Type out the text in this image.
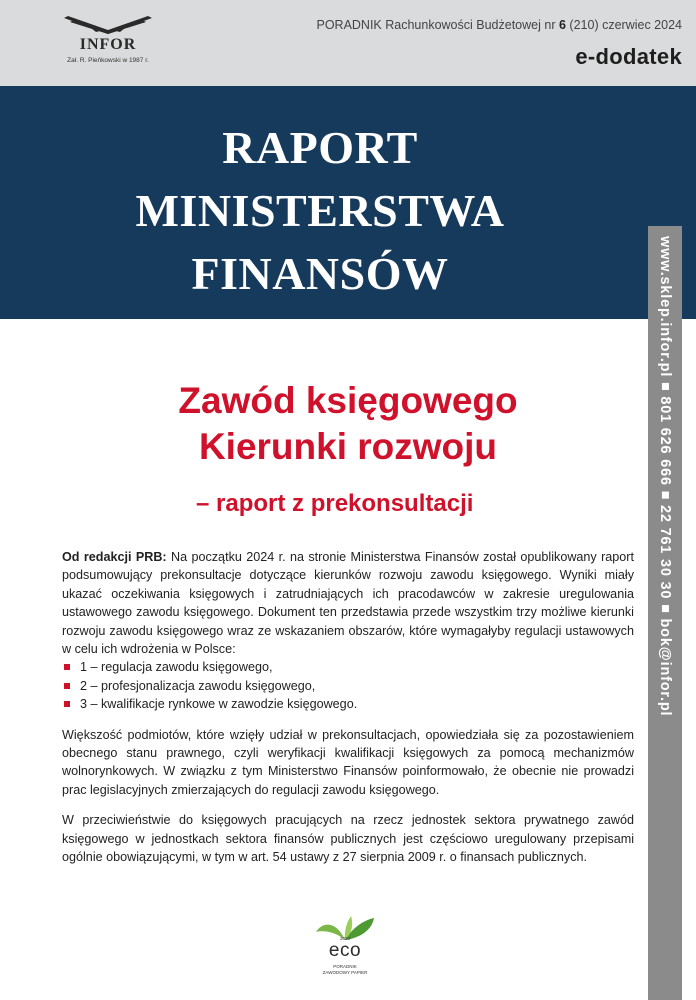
INFOR
Zał. R. Pieńkowski w 1987 r.
PORADNIK Rachunkowości Budżetowej nr 6 (210) czerwiec 2024
e-dodatek
RAPORT
MINISTERSTWA
FINANSÓW	www.sklep.infor.pl ■ 801 626 666 ■ 22 761 30 30 ■ bok@infor.pl
Zawód księgowego
Kierunki rozwoju
– raport z prekonsultacji

Od redakcji PRB: Na początku 2024 r. na stronie Ministerstwa Finansów został opublikowany raport podsumowujący prekonsultacje dotyczące kierunków rozwoju zawodu księgowego. Wyniki miały ukazać oczekiwania księgowych i zatrudniających ich pracodawców w zakresie uregulowania ustawowego zawodu księgowego. Dokument ten przedstawia przede wszystkim trzy możliwe kierunki rozwoju zawodu księgowego wraz ze wskazaniem obszarów, które wymagałyby regulacji ustawowych w celu ich wdrożenia w Polsce:

1 – regulacja zawodu księgowego,
2 – profesjonalizacja zawodu księgowego,
3 – kwalifikacje rynkowe w zawodzie księgowego.

Większość podmiotów, które wzięły udział w prekonsultacjach, opowiedziała się za pozostawieniem obecnego stanu prawnego, czyli weryfikacji kwalifikacji księgowych za pomocą mechanizmów wolnorynkowych. W związku z tym Ministerstwo Finansów poinformowało, że obecnie nie prowadzi prac legislacyjnych zmierzających do regulacji zawodu księgowego.

W przeciwieństwie do księgowych pracujących na rzecz jednostek sektora prywatnego zawód księgowego w jednostkach sektora finansów publicznych jest częściowo uregulowany przepisami ogólnie obowiązującymi, w tym w art. 54 ustawy z 27 sierpnia 2009 r. o finansach publicznych.

2020
eco
PORADNIK
ZAWODOWY PAPIER
